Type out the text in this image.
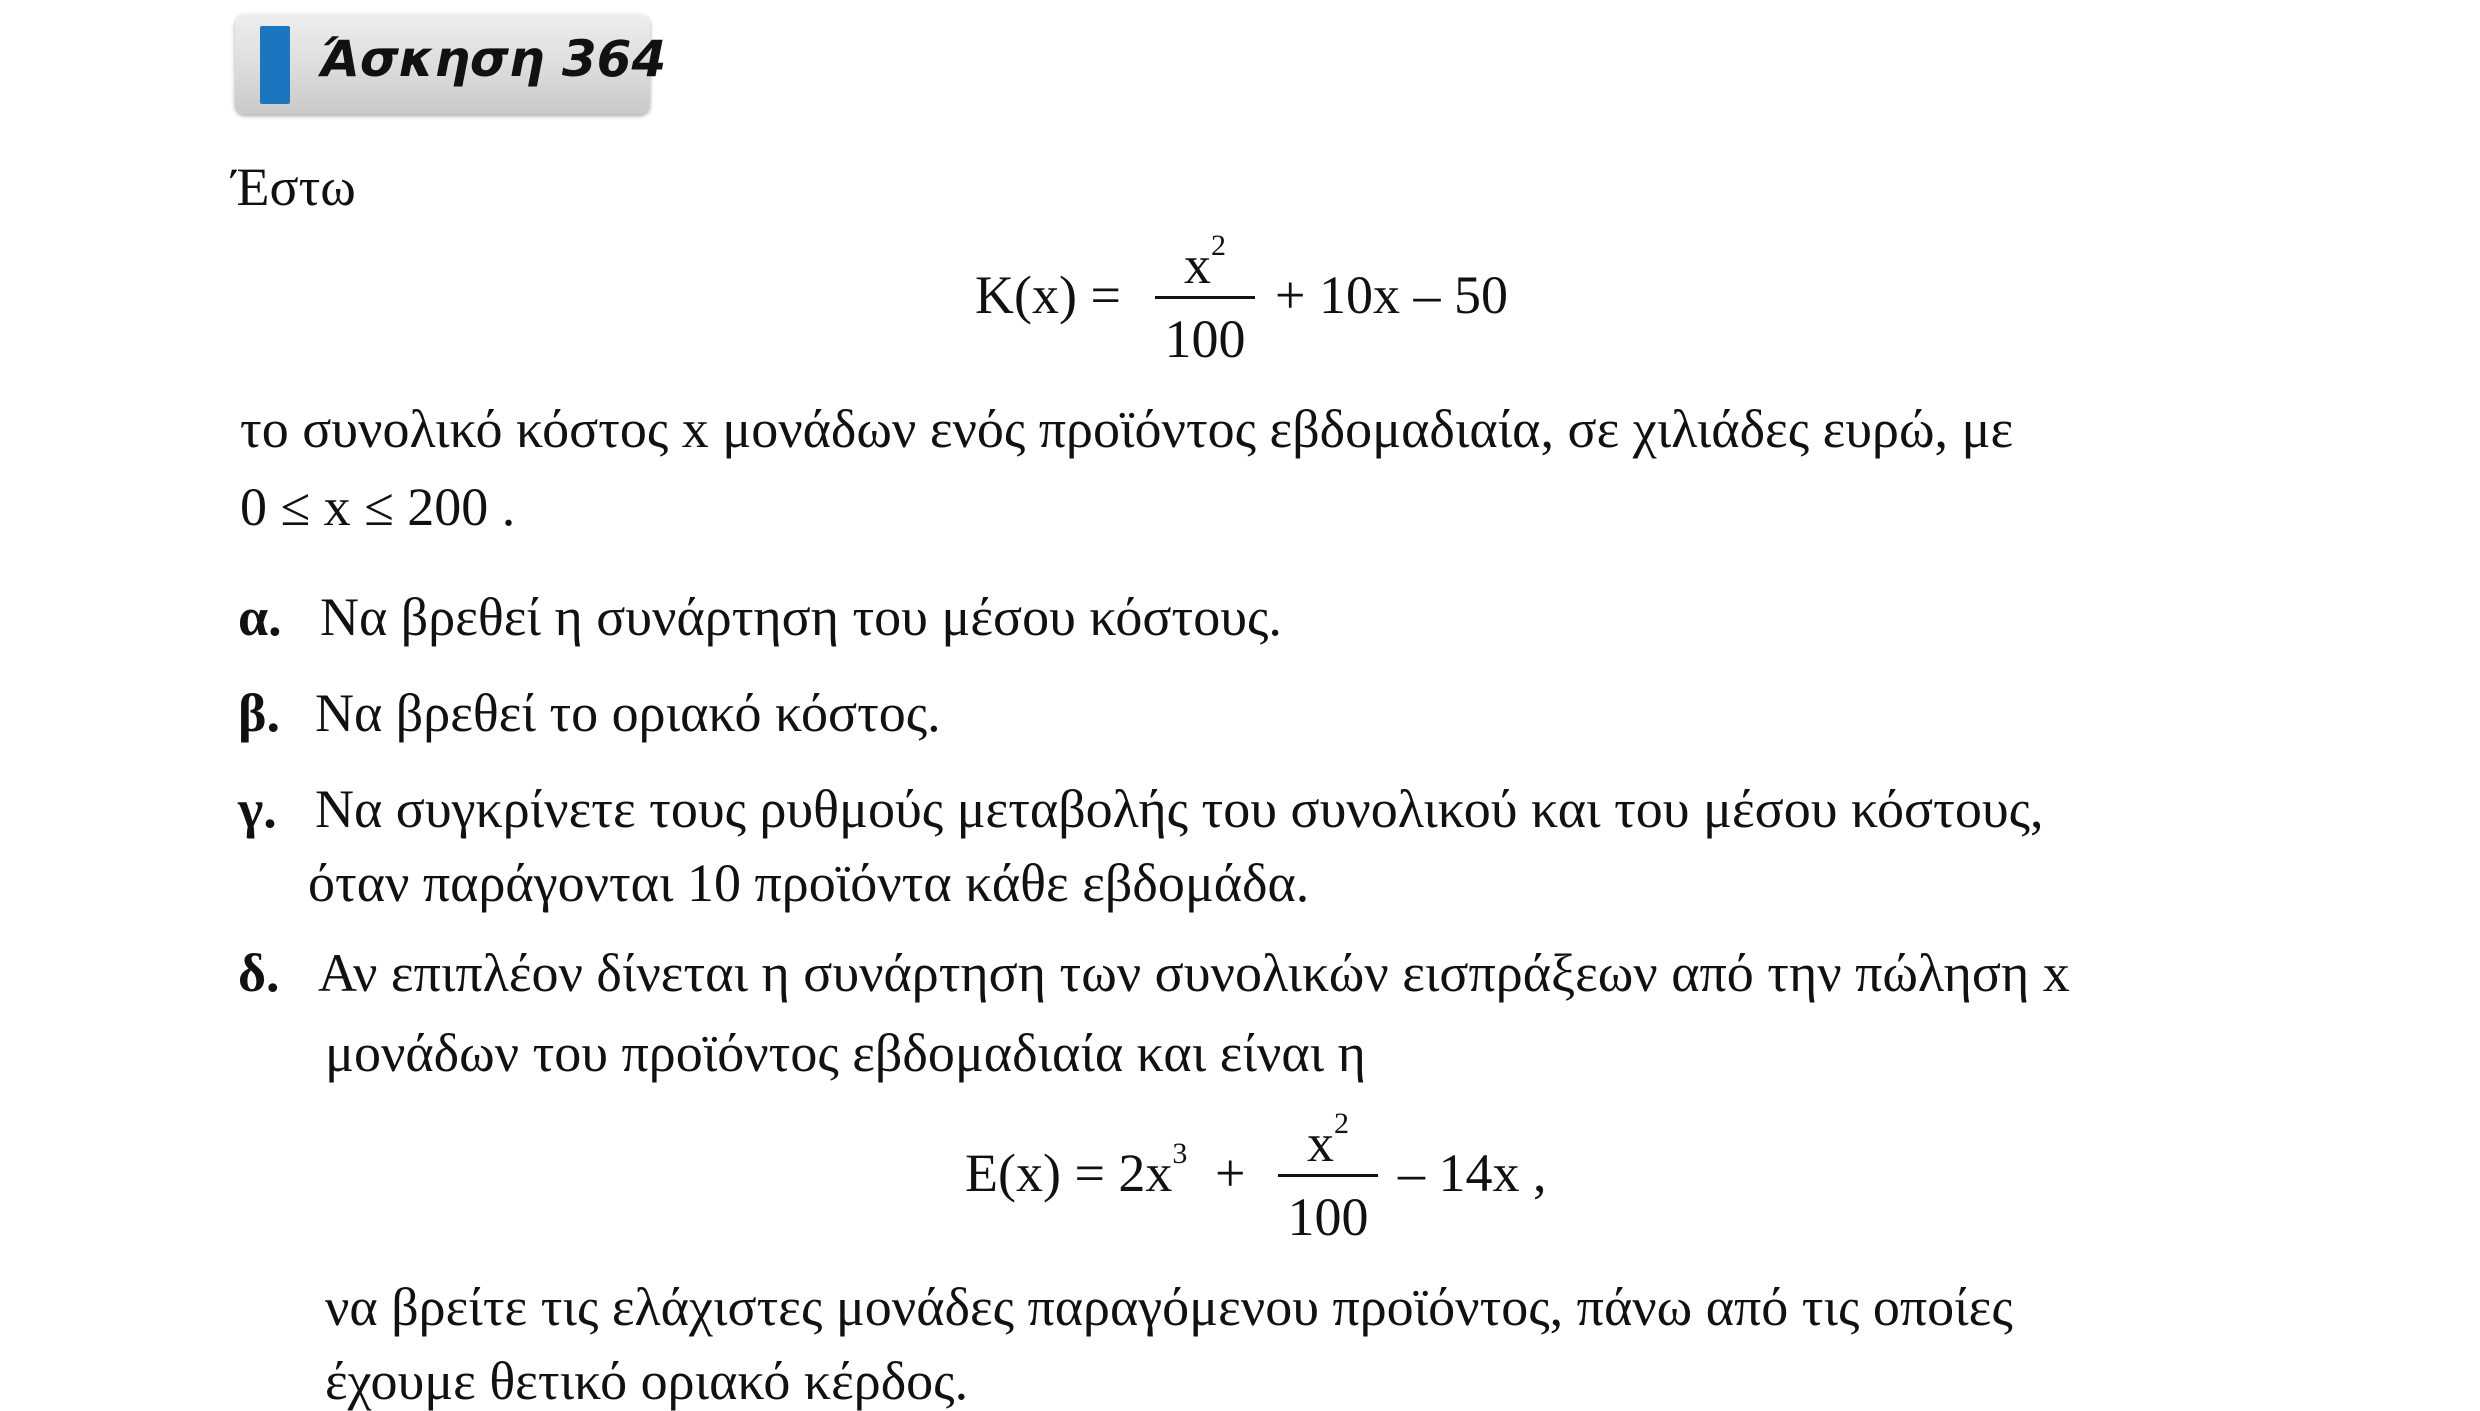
Άσκηση 364
Έστω
K(x) =	$x^2$
100
+ 10x – 50
το συνολικό κόστος x μονάδων ενός προϊόντος εβδομαδιαία, σε χιλιάδες ευρώ, με
0 ≤ x ≤ 200 .
α. Να βρεθεί η συνάρτηση του μέσου κόστους.
β. Να βρεθεί το οριακό κόστος.
γ. Να συγκρίνετε τους ρυθμούς μεταβολής του συνολικού και του μέσου κόστους,
όταν παράγονται 10 προϊόντα κάθε εβδομάδα.
δ. Αν επιπλέον δίνεται η συνάρτηση των συνολικών εισπράξεων από την πώληση x
μονάδων του προϊόντος εβδομαδιαία και είναι η
$E(x) = 2x^3$ +	$x^2$
100
– 14x ,
να βρείτε τις ελάχιστες μονάδες παραγόμενου προϊόντος, πάνω από τις οποίες
έχουμε θετικό οριακό κέρδος.
